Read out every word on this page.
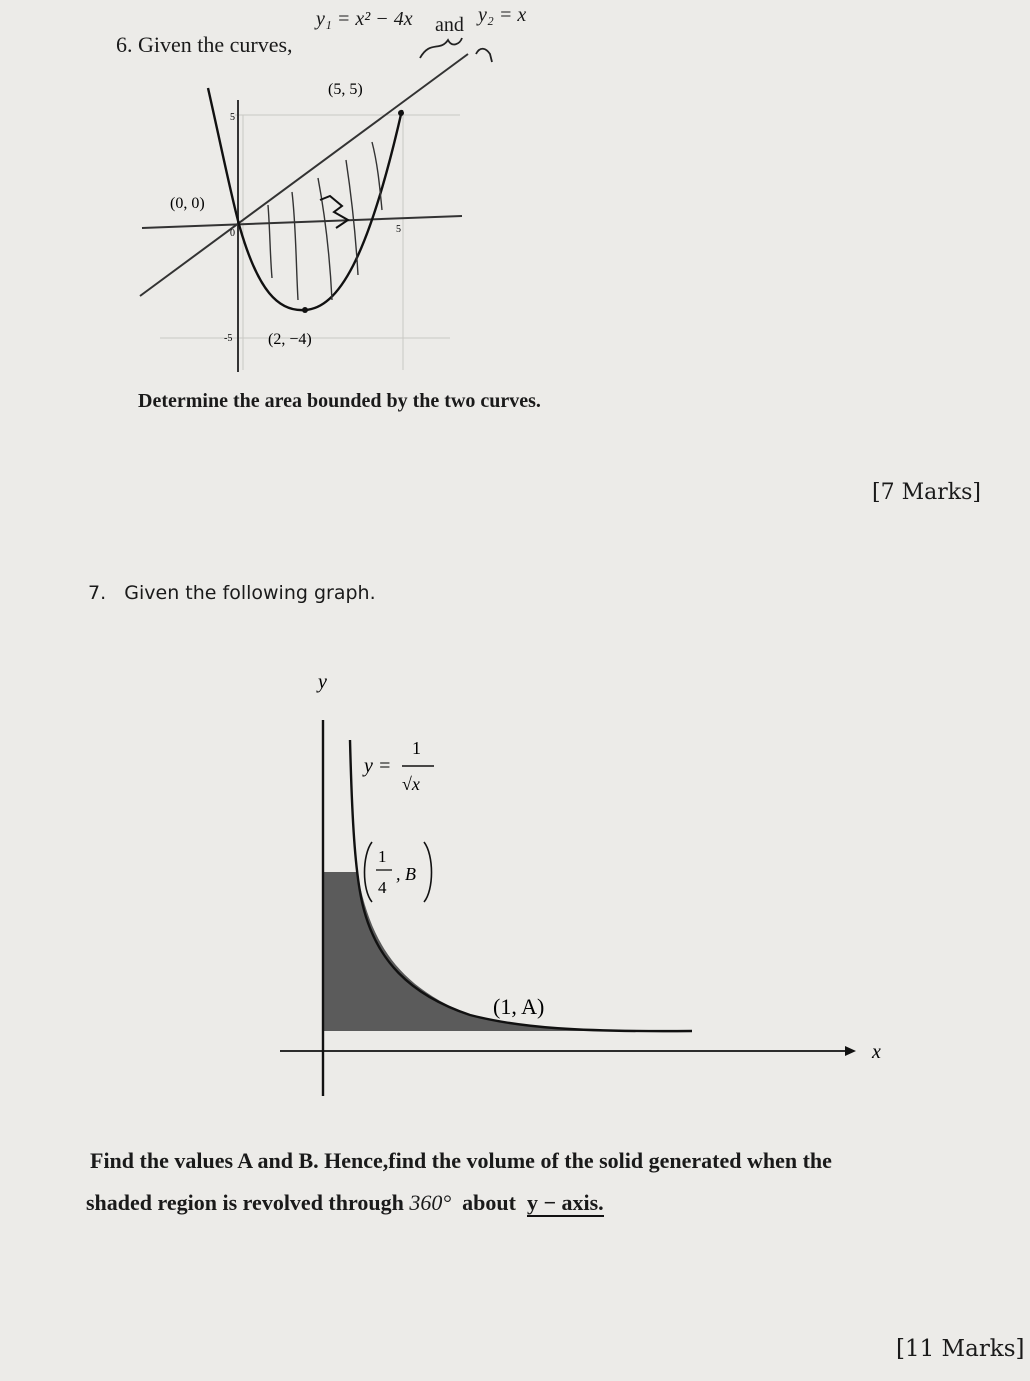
6. Given the curves,
y₁ = x² − 4x and y₂ = x
(5, 5)
(0, 0)
(2, −4)
5
5
-5
0
Determine the area bounded by the two curves.
[7 Marks]
7. Given the following graph.
y
x
y =
1
√x
1
4
, B
(1, A)
Find the values A and B. Hence,find the volume of the solid generated when the
shaded region is revolved through 360° about y − axis.
[11 Marks]
